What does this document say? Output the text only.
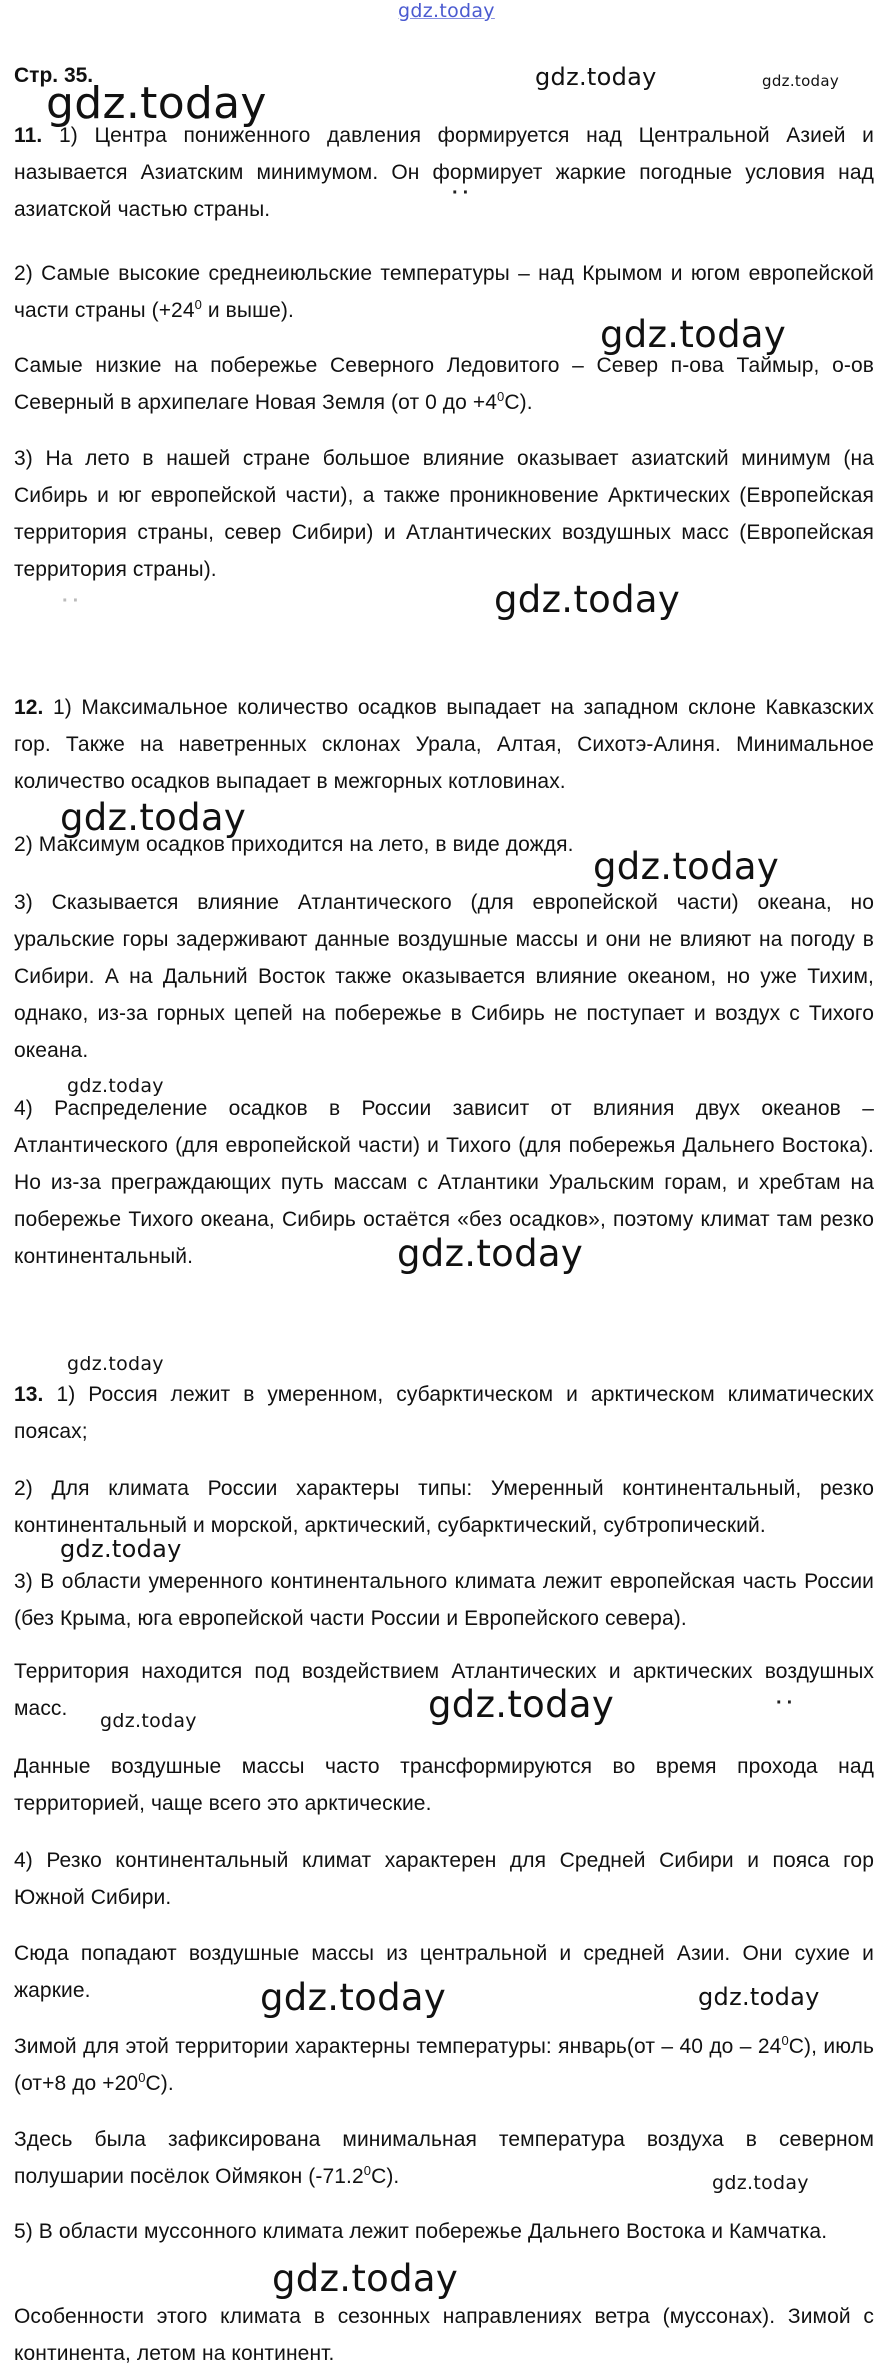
gdz.today

Стр. 35.

11. 1) Центра пониженного давления формируется над Центральной Азией и называется Азиатским минимумом. Он формирует жаркие погодные условия над азиатской частью страны.

2) Самые высокие среднеиюльские температуры – над Крымом и югом европейской части страны ($+24^0$ и выше).

Самые низкие на побережье Северного Ледовитого – Север п-ова Таймыр, о-ов Северный в архипелаге Новая Земля (от 0 до $+4^0С$).

3) На лето в нашей стране большое влияние оказывает азиатский минимум (на Сибирь и юг европейской части), а также проникновение Арктических (Европейская территория страны, север Сибири) и Атлантических воздушных масс (Европейская территория страны).

12. 1) Максимальное количество осадков выпадает на западном склоне Кавказских гор. Также на наветренных склонах Урала, Алтая, Сихотэ-Алиня. Минимальное количество осадков выпадает в межгорных котловинах.

2) Максимум осадков приходится на лето, в виде дождя.

3) Сказывается влияние Атлантического (для европейской части) океана, но уральские горы задерживают данные воздушные массы и они не влияют на погоду в Сибири. А на Дальний Восток также оказывается влияние океаном, но уже Тихим, однако, из-за горных цепей на побережье в Сибирь не поступает и воздух с Тихого океана.

4) Распределение осадков в России зависит от влияния двух океанов – Атлантического (для европейской части) и Тихого (для побережья Дальнего Востока). Но из-за преграждающих путь массам с Атлантики Уральским горам, и хребтам на побережье Тихого океана, Сибирь остаётся «без осадков», поэтому климат там резко континентальный.

13. 1) Россия лежит в умеренном, субарктическом и арктическом климатических поясах;

2) Для климата России характеры типы: Умеренный континентальный, резко континентальный и морской, арктический, субарктический, субтропический.

3) В области умеренного континентального климата лежит европейская часть России (без Крыма, юга европейской части России и Европейского севера).

Территория находится под воздействием Атлантических и арктических воздушных масс.

Данные воздушные массы часто трансформируются во время прохода над территорией, чаще всего это арктические.

4) Резко континентальный климат характерен для Средней Сибири и пояса гор Южной Сибири.

Сюда попадают воздушные массы из центральной и средней Азии. Они сухие и жаркие.

Зимой для этой территории характерны температуры: январь(от – 40 до – $24^0С$), июль (от+8 до $+20^0С$).

Здесь была зафиксирована минимальная температура воздуха в северном полушарии посёлок Оймякон (-71.2$^0$С).

5) В области муссонного климата лежит побережье Дальнего Востока и Камчатка.

Особенности этого климата в сезонных направлениях ветра (муссонах). Зимой с континента, летом на континент.

gdz.today	gdz.today
gdz.today
gdz.today
gdz.today
gdz.today
gdz.today
gdz.today
gdz.today
gdz.today
gdz.today
gdz.today
gdz.today
gdz.today	gdz.today
gdz.today
gdz.today
··
··
··
